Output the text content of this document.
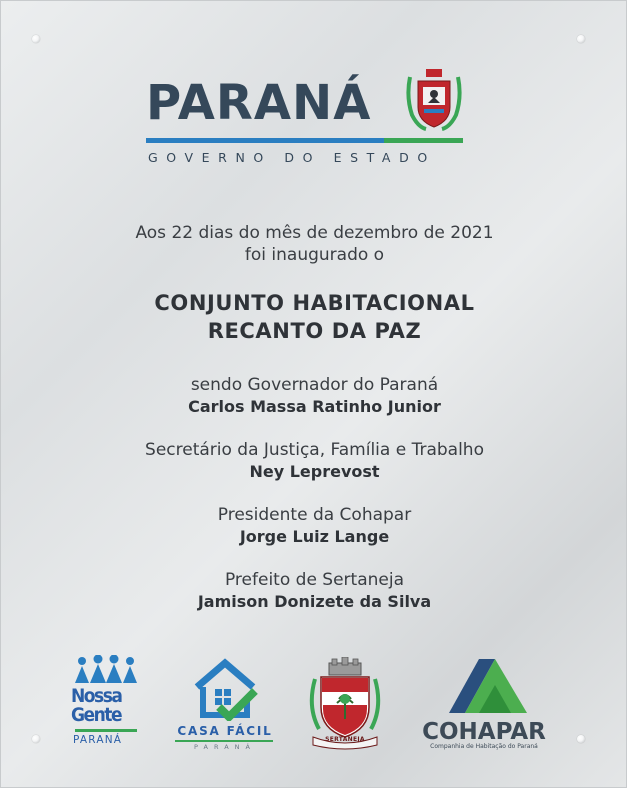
PARANÁ
GOVERNO DO ESTADO
Aos 22 dias do mês de dezembro de 2021
foi inaugurado o
CONJUNTO HABITACIONAL
RECANTO DA PAZ
sendo Governador do Paraná
Carlos Massa Ratinho Junior
Secretário da Justiça, Família e Trabalho
Ney Leprevost
Presidente da Cohapar
Jorge Luiz Lange
Prefeito de Sertaneja
Jamison Donizete da Silva
Nossa
Gente
PARANÁ
CASA FÁCIL
PARANÁ
SERTANEJA	COHAPAR
Companhia de Habitação do Paraná
